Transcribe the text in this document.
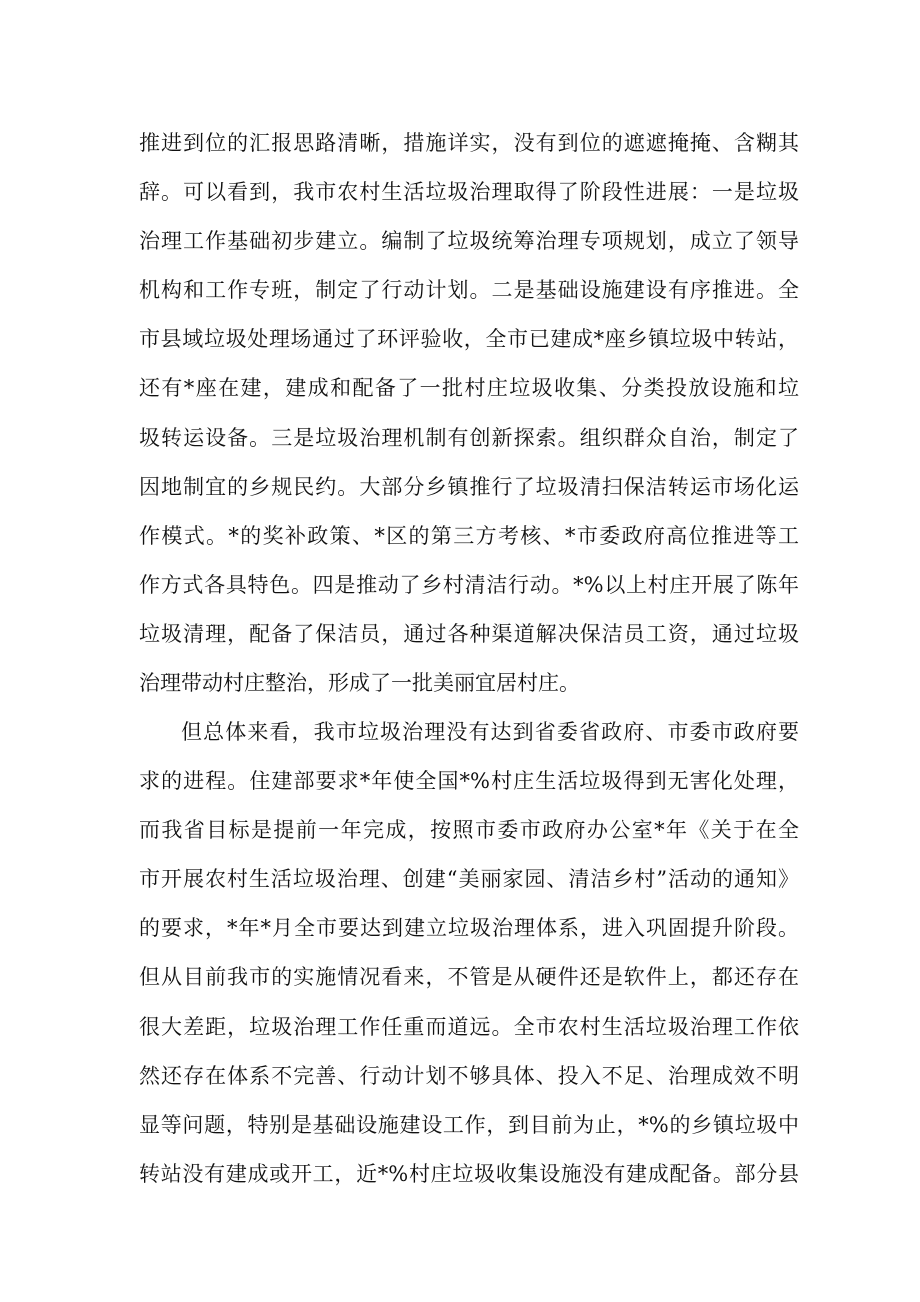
推进到位的汇报思路清晰，措施详实，没有到位的遮遮掩掩、含糊其
辞。可以看到，我市农村生活垃圾治理取得了阶段性进展：一是垃圾
治理工作基础初步建立。编制了垃圾统筹治理专项规划，成立了领导
机构和工作专班，制定了行动计划。二是基础设施建设有序推进。全
市县域垃圾处理场通过了环评验收，全市已建成*座乡镇垃圾中转站，
还有*座在建，建成和配备了一批村庄垃圾收集、分类投放设施和垃
圾转运设备。三是垃圾治理机制有创新探索。组织群众自治，制定了
因地制宜的乡规民约。大部分乡镇推行了垃圾清扫保洁转运市场化运
作模式。*的奖补政策、*区的第三方考核、*市委政府高位推进等工
作方式各具特色。四是推动了乡村清洁行动。*%以上村庄开展了陈年
垃圾清理，配备了保洁员，通过各种渠道解决保洁员工资，通过垃圾
治理带动村庄整治，形成了一批美丽宜居村庄。
但总体来看，我市垃圾治理没有达到省委省政府、市委市政府要
求的进程。住建部要求*年使全国*%村庄生活垃圾得到无害化处理，
而我省目标是提前一年完成，按照市委市政府办公室*年《关于在全
市开展农村生活垃圾治理、创建“美丽家园、清洁乡村”活动的通知》
的要求，*年*月全市要达到建立垃圾治理体系，进入巩固提升阶段。
但从目前我市的实施情况看来，不管是从硬件还是软件上，都还存在
很大差距，垃圾治理工作任重而道远。全市农村生活垃圾治理工作依
然还存在体系不完善、行动计划不够具体、投入不足、治理成效不明
显等问题，特别是基础设施建设工作，到目前为止，*%的乡镇垃圾中
转站没有建成或开工，近*%村庄垃圾收集设施没有建成配备。部分县
